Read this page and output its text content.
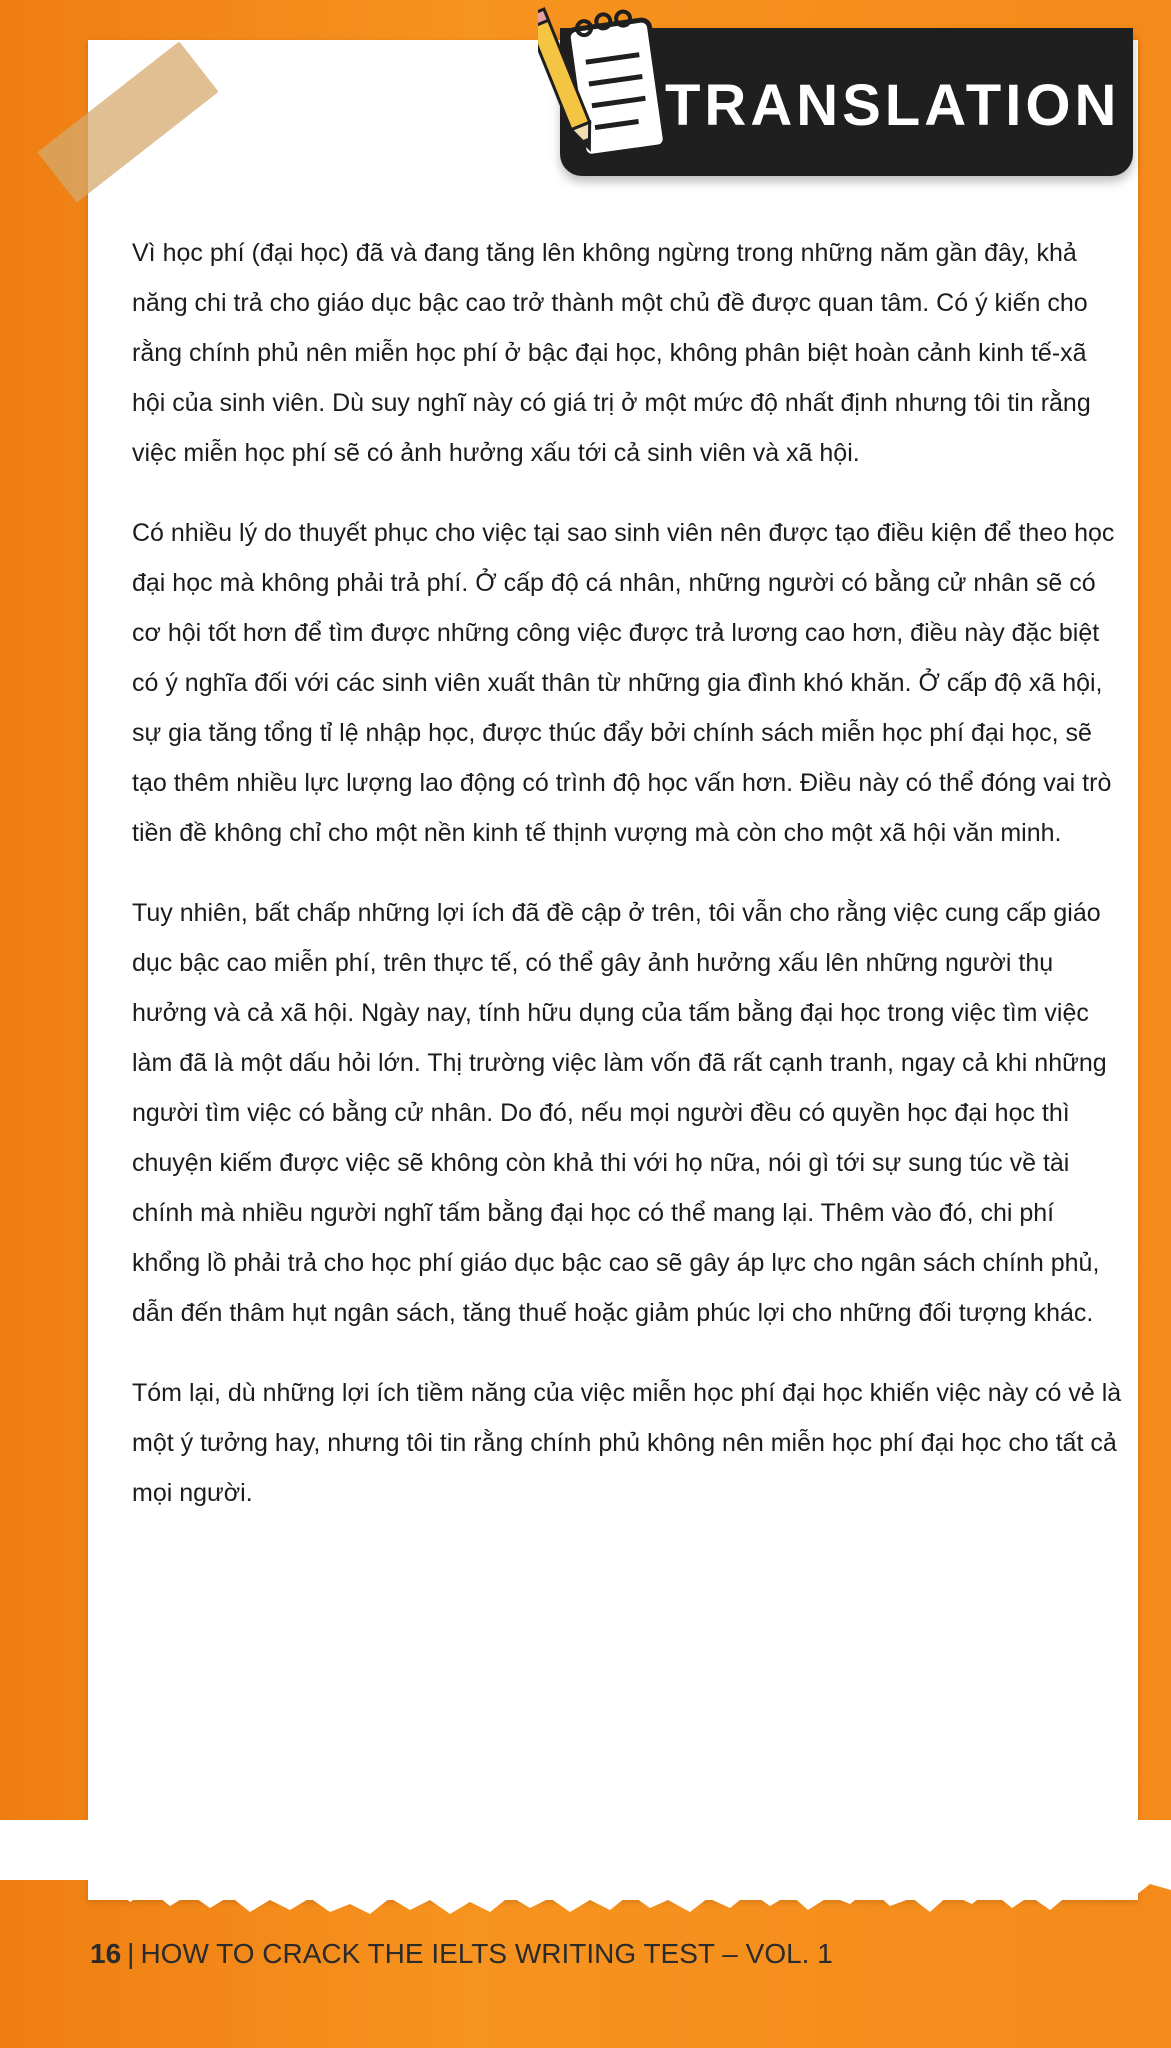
TRANSLATION

Vì học phí (đại học) đã và đang tăng lên không ngừng trong những năm gần đây, khả năng chi trả cho giáo dục bậc cao trở thành một chủ đề được quan tâm. Có ý kiến cho rằng chính phủ nên miễn học phí ở bậc đại học, không phân biệt hoàn cảnh kinh tế-xã hội của sinh viên. Dù suy nghĩ này có giá trị ở một mức độ nhất định nhưng tôi tin rằng việc miễn học phí sẽ có ảnh hưởng xấu tới cả sinh viên và xã hội.

Có nhiều lý do thuyết phục cho việc tại sao sinh viên nên được tạo điều kiện để theo học đại học mà không phải trả phí. Ở cấp độ cá nhân, những người có bằng cử nhân sẽ có cơ hội tốt hơn để tìm được những công việc được trả lương cao hơn, điều này đặc biệt có ý nghĩa đối với các sinh viên xuất thân từ những gia đình khó khăn. Ở cấp độ xã hội, sự gia tăng tổng tỉ lệ nhập học, được thúc đẩy bởi chính sách miễn học phí đại học, sẽ tạo thêm nhiều lực lượng lao động có trình độ học vấn hơn. Điều này có thể đóng vai trò tiền đề không chỉ cho một nền kinh tế thịnh vượng mà còn cho một xã hội văn minh.

Tuy nhiên, bất chấp những lợi ích đã đề cập ở trên, tôi vẫn cho rằng việc cung cấp giáo dục bậc cao miễn phí, trên thực tế, có thể gây ảnh hưởng xấu lên những người thụ hưởng và cả xã hội. Ngày nay, tính hữu dụng của tấm bằng đại học trong việc tìm việc làm đã là một dấu hỏi lớn. Thị trường việc làm vốn đã rất cạnh tranh, ngay cả khi những người tìm việc có bằng cử nhân. Do đó, nếu mọi người đều có quyền học đại học thì chuyện kiếm được việc sẽ không còn khả thi với họ nữa, nói gì tới sự sung túc về tài chính mà nhiều người nghĩ tấm bằng đại học có thể mang lại. Thêm vào đó, chi phí khổng lồ phải trả cho học phí giáo dục bậc cao sẽ gây áp lực cho ngân sách chính phủ, dẫn đến thâm hụt ngân sách, tăng thuế hoặc giảm phúc lợi cho những đối tượng khác.

Tóm lại, dù những lợi ích tiềm năng của việc miễn học phí đại học khiến việc này có vẻ là một ý tưởng hay, nhưng tôi tin rằng chính phủ không nên miễn học phí đại học cho tất cả mọi người.

16 | HOW TO CRACK THE IELTS WRITING TEST – VOL. 1
